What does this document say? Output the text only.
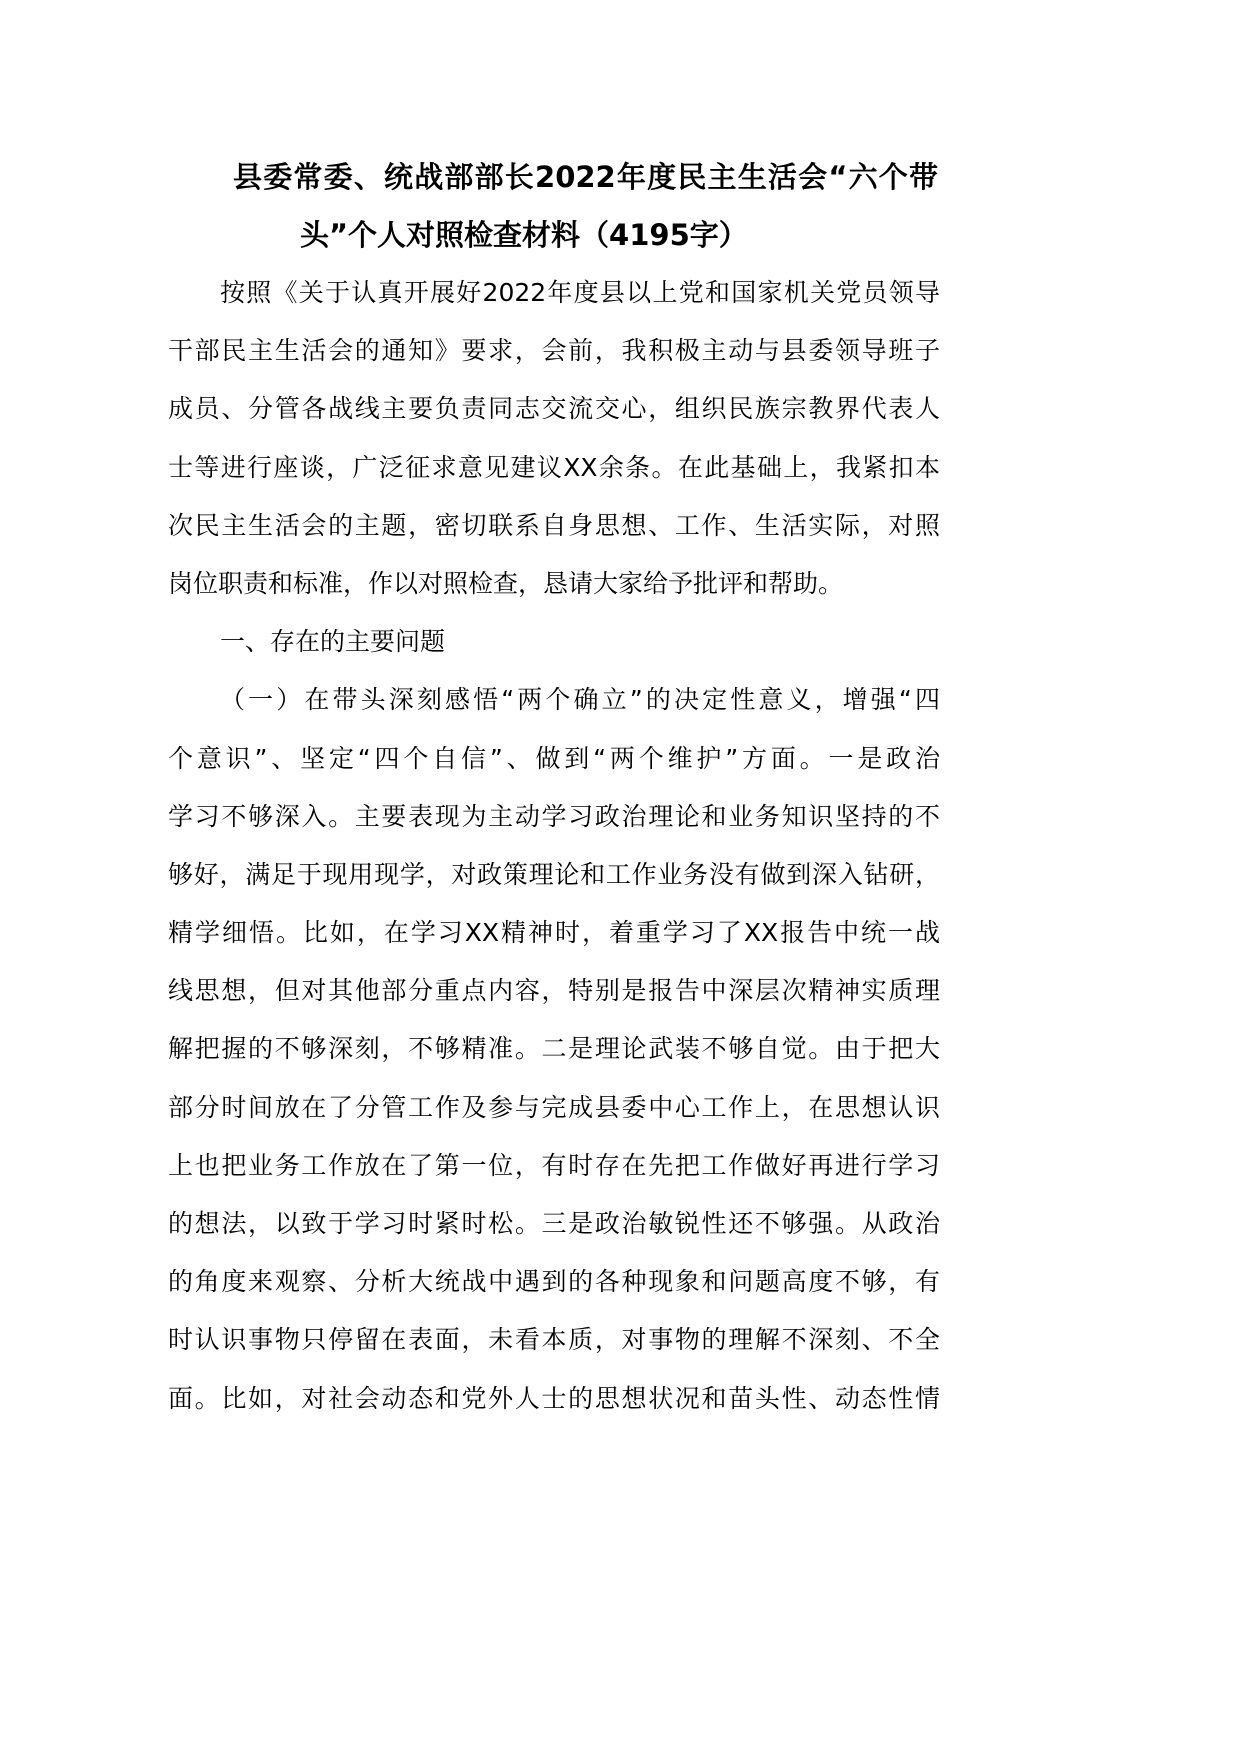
县委常委、统战部部长2022年度民主生活会“六个带
头”个人对照检查材料（4195字）
按照《关于认真开展好2022年度县以上党和国家机关党员领导
干部民主生活会的通知》要求，会前，我积极主动与县委领导班子
成员、分管各战线主要负责同志交流交心，组织民族宗教界代表人
士等进行座谈，广泛征求意见建议XX余条。在此基础上，我紧扣本
次民主生活会的主题，密切联系自身思想、工作、生活实际，对照
岗位职责和标准，作以对照检查，恳请大家给予批评和帮助。
一、存在的主要问题
（一）在带头深刻感悟“两个确立”的决定性意义，增强“四
个意识”、坚定“四个自信”、做到“两个维护”方面。一是政治
学习不够深入。主要表现为主动学习政治理论和业务知识坚持的不
够好，满足于现用现学，对政策理论和工作业务没有做到深入钻研，
精学细悟。比如，在学习XX精神时，着重学习了XX报告中统一战
线思想，但对其他部分重点内容，特别是报告中深层次精神实质理
解把握的不够深刻，不够精准。二是理论武装不够自觉。由于把大
部分时间放在了分管工作及参与完成县委中心工作上，在思想认识
上也把业务工作放在了第一位，有时存在先把工作做好再进行学习
的想法，以致于学习时紧时松。三是政治敏锐性还不够强。从政治
的角度来观察、分析大统战中遇到的各种现象和问题高度不够，有
时认识事物只停留在表面，未看本质，对事物的理解不深刻、不全
面。比如，对社会动态和党外人士的思想状况和苗头性、动态性情
